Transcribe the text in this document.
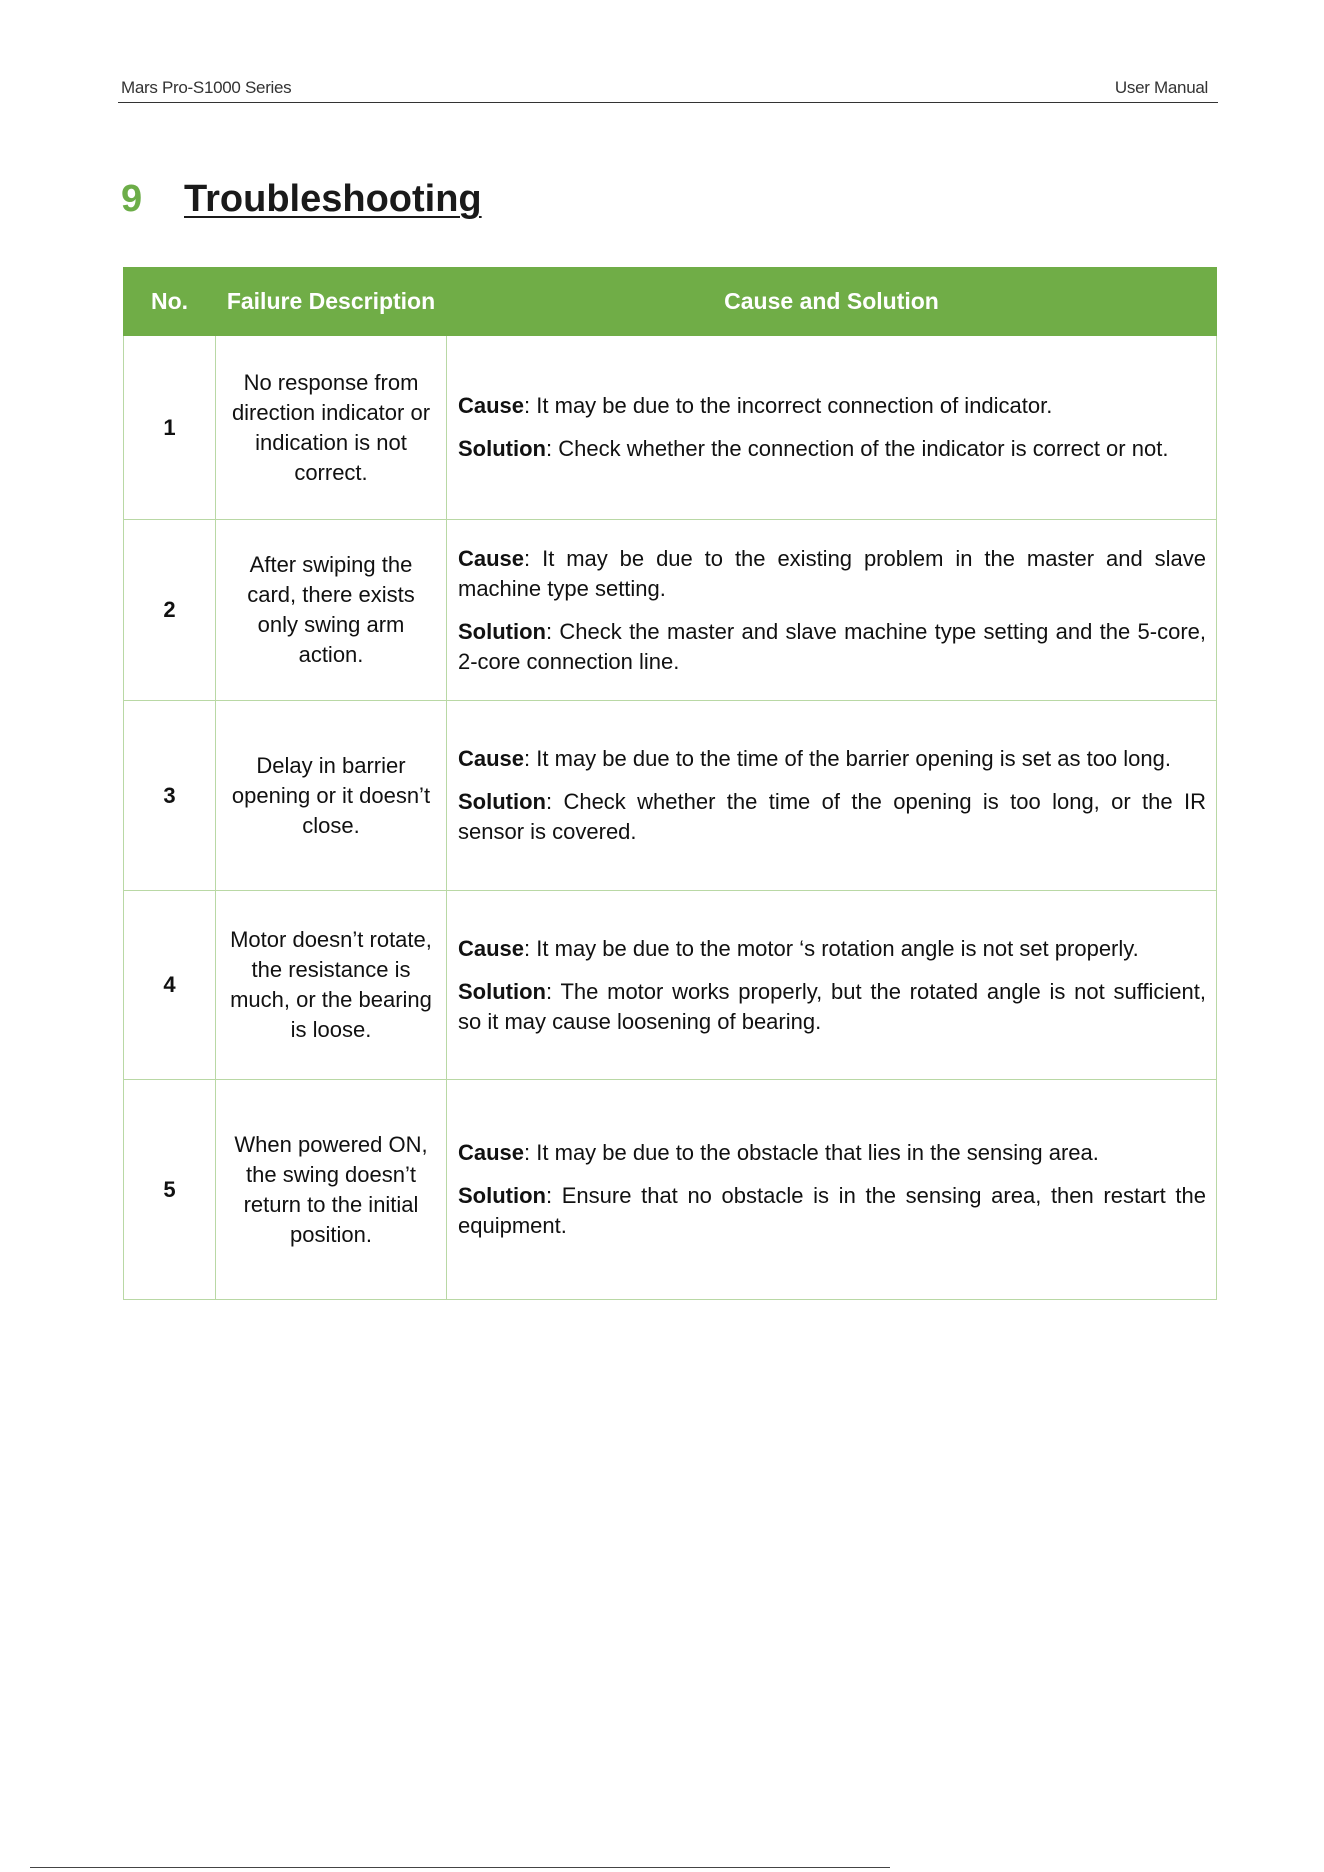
Mars Pro-S1000 Series	User Manual
9 Troubleshooting
No.	Failure Description	Cause and Solution
1	No response from direction indicator or indication is not correct.	Cause: It may be due to the incorrect connection of indicator.

Solution: Check whether the connection of the indicator is correct or not.

2	After swiping the card, there exists only swing arm action.	Cause: It may be due to the existing problem in the master and slave machine type setting.

Solution: Check the master and slave machine type setting and the 5-core, 2-core connection line.

3	Delay in barrier opening or it doesn’t close.	Cause: It may be due to the time of the barrier opening is set as too long.

Solution: Check whether the time of the opening is too long, or the IR sensor is covered.

4	Motor doesn’t rotate, the resistance is much, or the bearing is loose.	Cause: It may be due to the motor ‘s rotation angle is not set properly.

Solution: The motor works properly, but the rotated angle is not sufficient, so it may cause loosening of bearing.

5	When powered ON, the swing doesn’t return to the initial position.	Cause: It may be due to the obstacle that lies in the sensing area.

Solution: Ensure that no obstacle is in the sensing area, then restart the equipment.
